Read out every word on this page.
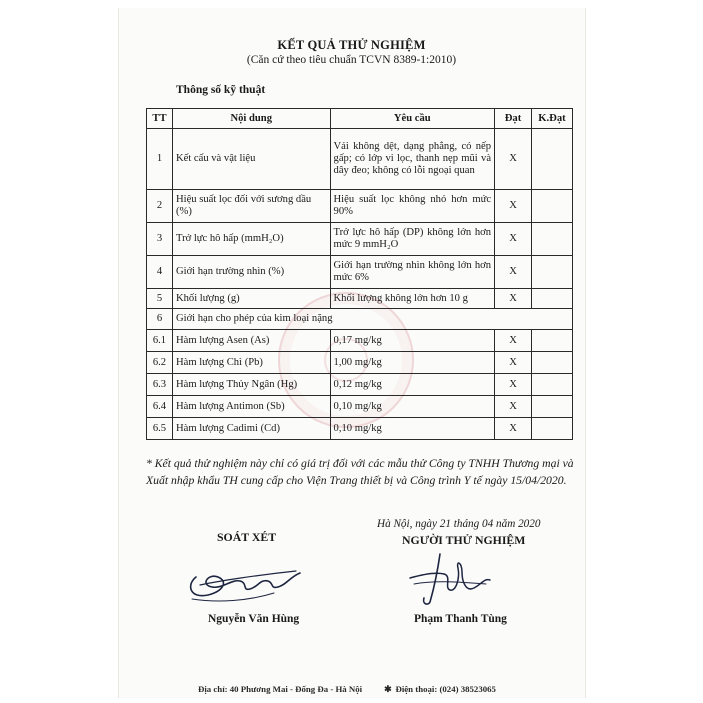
KẾT QUẢ THỬ NGHIỆM
(Căn cứ theo tiêu chuẩn TCVN 8389-1:2010)
Thông số kỹ thuật
TT	Nội dung	Yêu cầu	Đạt	K.Đạt
1	Kết cấu và vật liệu	Vải không dệt, dạng phẳng, có nếp gấp; có lớp vi lọc, thanh nẹp mũi và dây đeo; không có lỗi ngoại quan	X	
2	Hiệu suất lọc đối với sương dầu (%)	Hiệu suất lọc không nhỏ hơn mức 90%	X	
3	Trở lực hô hấp (mmH₂O)	Trở lực hô hấp (DP) không lớn hơn mức 9 mmH₂O	X	
4	Giới hạn trường nhìn (%)	Giới hạn trường nhìn không lớn hơn mức 6%	X	
5	Khối lượng (g)	Khối lượng không lớn hơn 10 g	X	
6	Giới hạn cho phép của kim loại nặng			
6.1	Hàm lượng Asen (As)	0,17 mg/kg	X	
6.2	Hàm lượng Chì (Pb)	1,00 mg/kg	X	
6.3	Hàm lượng Thủy Ngân (Hg)	0,12 mg/kg	X	
6.4	Hàm lượng Antimon (Sb)	0,10 mg/kg	X	
6.5	Hàm lượng Cadimi (Cd)	0,10 mg/kg	X	
* Kết quả thử nghiệm này chỉ có giá trị đối với các mẫu thử Công ty TNHH Thương mại và Xuất nhập khẩu TH cung cấp cho Viện Trang thiết bị và Công trình Y tế ngày 15/04/2020.
Hà Nội, ngày 21 tháng 04 năm 2020
SOÁT XÉT	NGƯỜI THỬ NGHIỆM
Nguyễn Văn Hùng	Phạm Thanh Tùng
Địa chỉ: 40 Phương Mai - Đống Đa - Hà Nội	✱ Điện thoại: (024) 38523065
